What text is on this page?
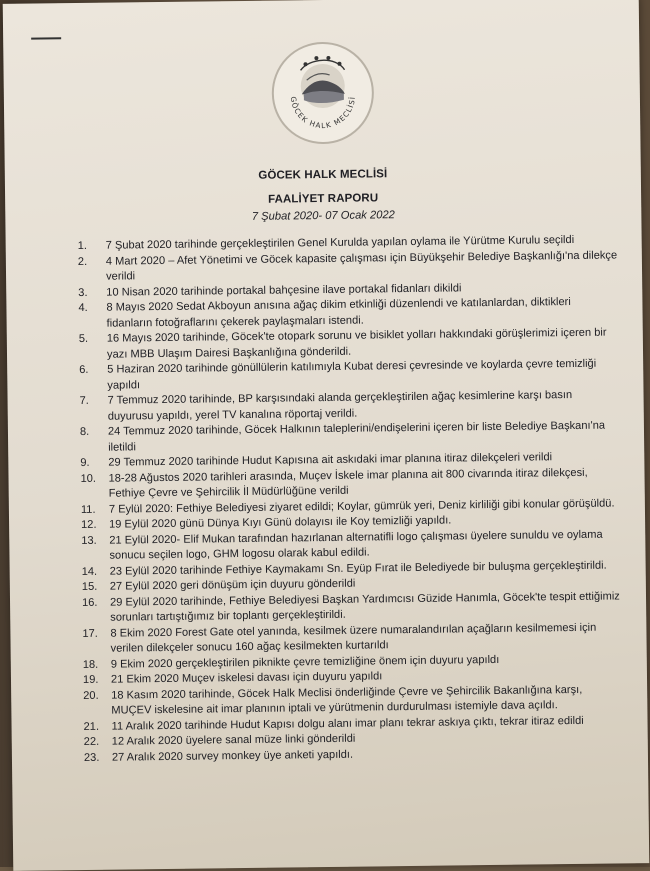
GÖCEK HALK MECLİSİ
GÖCEK HALK MECLİSİ
FAALİYET RAPORU
7 Şubat 2020- 07 Ocak 2022
1. 7 Şubat 2020 tarihinde gerçekleştirilen Genel Kurulda yapılan oylama ile Yürütme Kurulu seçildi
2. 4 Mart 2020 – Afet Yönetimi ve Göcek kapasite çalışması için Büyükşehir Belediye Başkanlığı'na dilekçe verildi
3. 10 Nisan 2020 tarihinde portakal bahçesine ilave portakal fidanları dikildi
4. 8 Mayıs 2020 Sedat Akboyun anısına ağaç dikim etkinliği düzenlendi ve katılanlardan, diktikleri fidanların fotoğraflarını çekerek paylaşmaları istendi.
5. 16 Mayıs 2020 tarihinde, Göcek'te otopark sorunu ve bisiklet yolları hakkındaki görüşlerimizi içeren bir yazı MBB Ulaşım Dairesi Başkanlığına gönderildi.
6. 5 Haziran 2020 tarihinde gönüllülerin katılımıyla Kubat deresi çevresinde ve koylarda çevre temizliği yapıldı
7. 7 Temmuz 2020 tarihinde, BP karşısındaki alanda gerçekleştirilen ağaç kesimlerine karşı basın duyurusu yapıldı, yerel TV kanalına röportaj verildi.
8. 24 Temmuz 2020 tarihinde, Göcek Halkının taleplerini/endişelerini içeren bir liste Belediye Başkanı'na iletildi
9. 29 Temmuz 2020 tarihinde Hudut Kapısına ait askıdaki imar planına itiraz dilekçeleri verildi
10. 18-28 Ağustos 2020 tarihleri arasında, Muçev İskele imar planına ait 800 civarında itiraz dilekçesi, Fethiye Çevre ve Şehircilik İl Müdürlüğüne verildi
11. 7 Eylül 2020: Fethiye Belediyesi ziyaret edildi; Koylar, gümrük yeri, Deniz kirliliği gibi konular görüşüldü.
12. 19 Eylül 2020 günü Dünya Kıyı Günü dolayısı ile Koy temizliği yapıldı.
13. 21 Eylül 2020- Elif Mukan tarafından hazırlanan alternatifli logo çalışması üyelere sunuldu ve oylama sonucu seçilen logo, GHM logosu olarak kabul edildi.
14. 23 Eylül 2020 tarihinde Fethiye Kaymakamı Sn. Eyüp Fırat ile Belediyede bir buluşma gerçekleştirildi.
15. 27 Eylül 2020 geri dönüşüm için duyuru gönderildi
16. 29 Eylül 2020 tarihinde, Fethiye Belediyesi Başkan Yardımcısı Güzide Hanımla, Göcek'te tespit ettiğimiz sorunları tartıştığımız bir toplantı gerçekleştirildi.
17. 8 Ekim 2020 Forest Gate otel yanında, kesilmek üzere numaralandırılan açağların kesilmemesi için verilen dilekçeler sonucu 160 ağaç kesilmekten kurtarıldı
18. 9 Ekim 2020 gerçekleştirilen piknikte çevre temizliğine önem için duyuru yapıldı
19. 21 Ekim 2020 Muçev iskelesi davası için duyuru yapıldı
20. 18 Kasım 2020 tarihinde, Göcek Halk Meclisi önderliğinde Çevre ve Şehircilik Bakanlığına karşı, MUÇEV iskelesine ait imar planının iptali ve yürütmenin durdurulması istemiyle dava açıldı.
21. 11 Aralık 2020 tarihinde Hudut Kapısı dolgu alanı imar planı tekrar askıya çıktı, tekrar itiraz edildi
22. 12 Aralık 2020 üyelere sanal müze linki gönderildi
23. 27 Aralık 2020 survey monkey üye anketi yapıldı.
